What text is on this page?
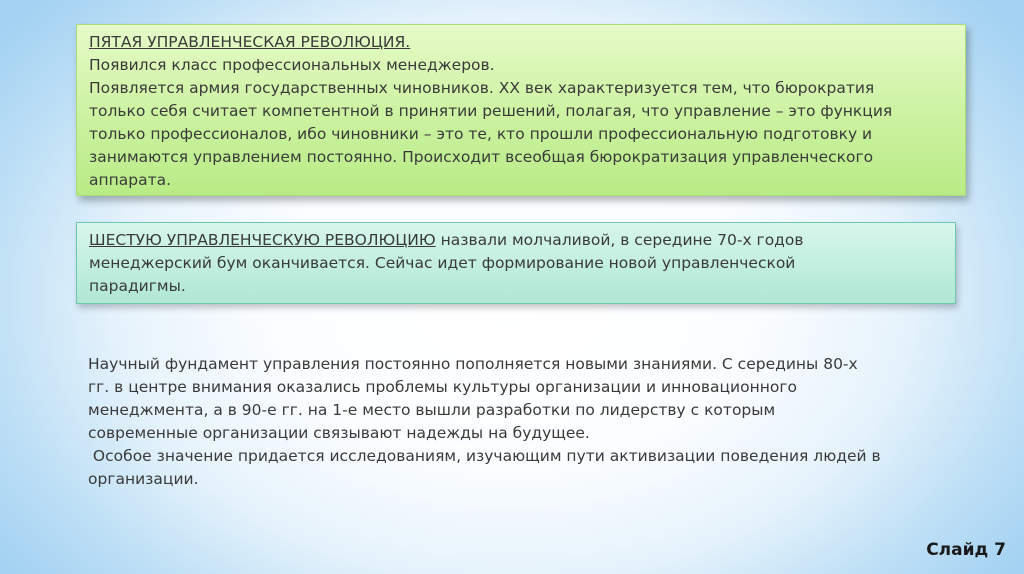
ПЯТАЯ УПРАВЛЕНЧЕСКАЯ РЕВОЛЮЦИЯ.
Появился класс профессиональных менеджеров.
Появляется армия государственных чиновников. ХХ век характеризуется тем, что бюрократия
только себя считает компетентной в принятии решений, полагая, что управление – это функция
только профессионалов, ибо чиновники – это те, кто прошли профессиональную подготовку и
занимаются управлением постоянно. Происходит всеобщая бюрократизация управленческого
аппарата.
ШЕСТУЮ УПРАВЛЕНЧЕСКУЮ РЕВОЛЮЦИЮ назвали молчаливой, в середине 70-х годов
менеджерский бум оканчивается. Сейчас идет формирование новой управленческой
парадигмы.
Научный фундамент управления постоянно пополняется новыми знаниями. С середины 80-х
гг. в центре внимания оказались проблемы культуры организации и инновационного
менеджмента, а в 90-е гг. на 1-е место вышли разработки по лидерству с которым
современные организации связывают надежды на будущее.
Особое значение придается исследованиям, изучающим пути активизации поведения людей в
организации.
Слайд 7
